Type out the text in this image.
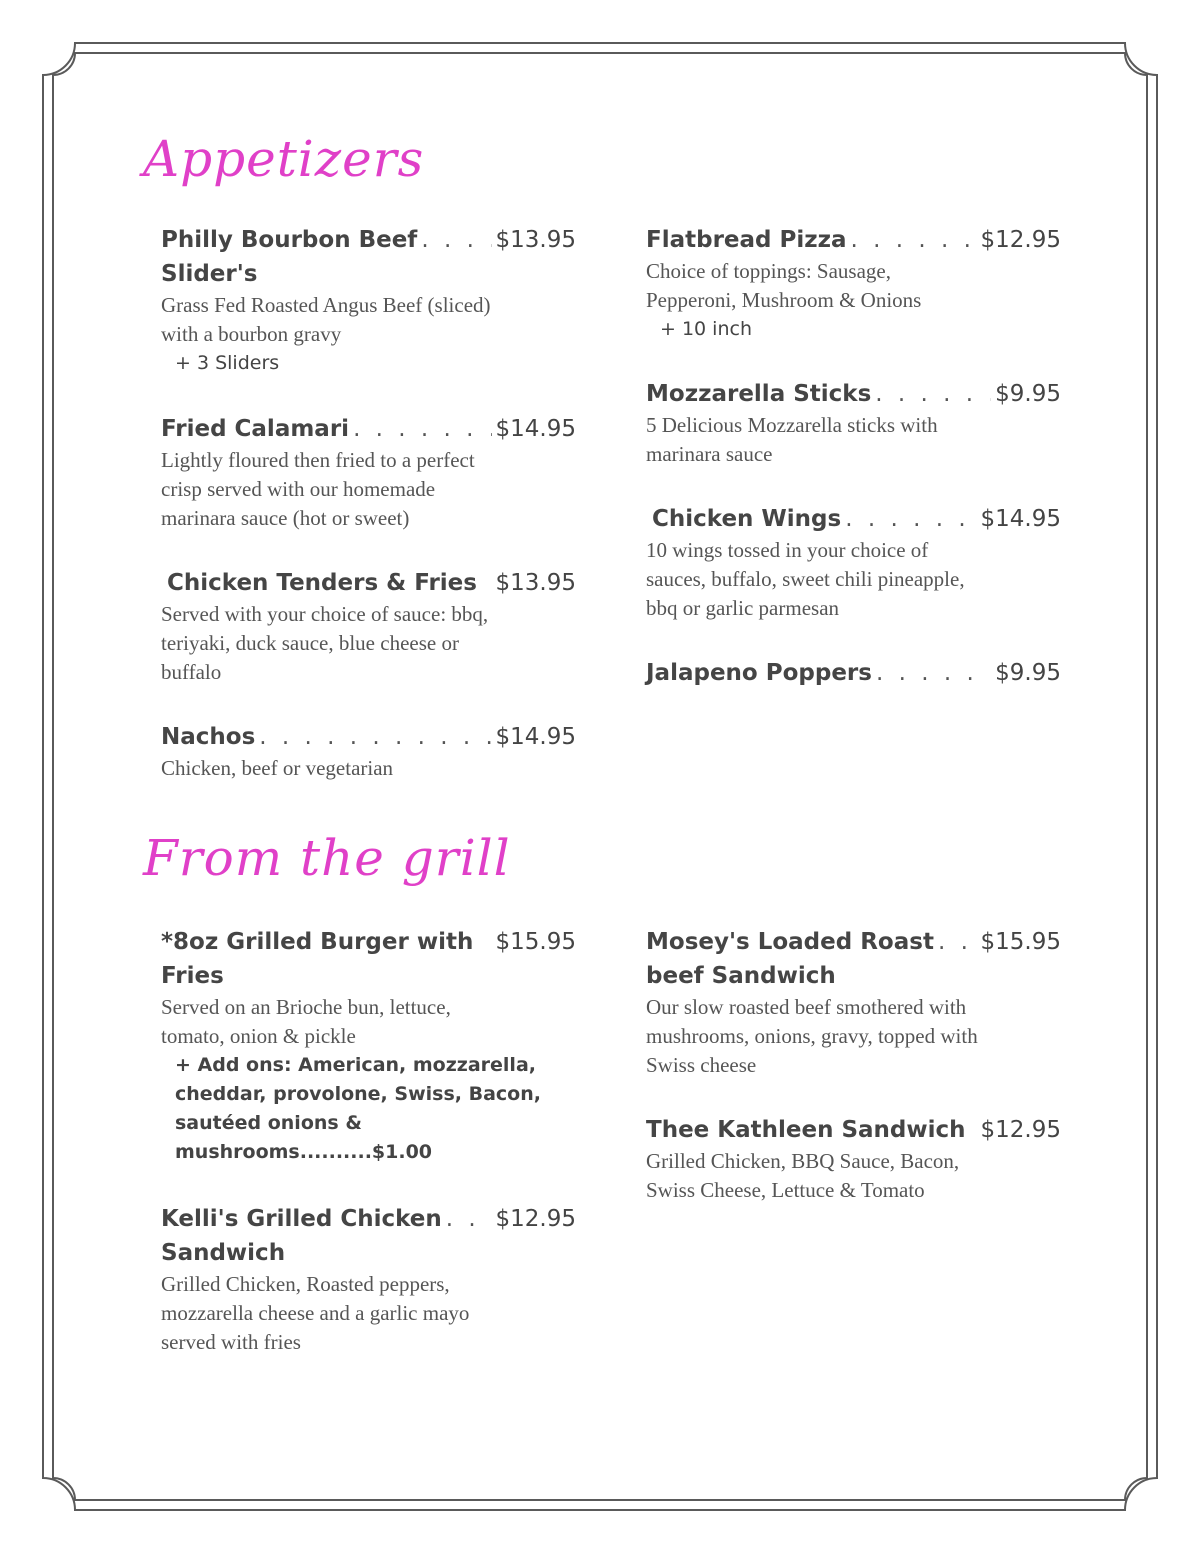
Appetizers
Philly Bourbon Beef . . .	$13.95
Slider's
Grass Fed Roasted Angus Beef (sliced)
with a bourbon gravy
+ 3 Sliders
Fried Calamari . . .	$14.95
Lightly floured then fried to a perfect
crisp served with our homemade
marinara sauce (hot or sweet)
Chicken Tenders & Fries $13.95
Served with your choice of sauce: bbq,
teriyaki, duck sauce, blue cheese or
buffalo
Nachos . . .	$14.95
Chicken, beef or vegetarian
Flatbread Pizza . . .	$12.95
Choice of toppings: Sausage,
Pepperoni, Mushroom & Onions
+ 10 inch
Mozzarella Sticks . . .	$9.95
5 Delicious Mozzarella sticks with
marinara sauce
Chicken Wings . . .	$14.95
10 wings tossed in your choice of
sauces, buffalo, sweet chili pineapple,
bbq or garlic parmesan
Jalapeno Poppers . . .	$9.95
From the grill
*8oz Grilled Burger with $15.95
Fries
Served on an Brioche bun, lettuce,
tomato, onion & pickle
+ Add ons: American, mozzarella,
cheddar, provolone, Swiss, Bacon,
sautéed onions &
mushrooms..........$1.00
Kelli's Grilled Chicken . . . $12.95
Sandwich
Grilled Chicken, Roasted peppers,
mozzarella cheese and a garlic mayo
served with fries
Mosey's Loaded Roast . . . $15.95
beef Sandwich
Our slow roasted beef smothered with
mushrooms, onions, gravy, topped with
Swiss cheese
Thee Kathleen Sandwich $12.95
Grilled Chicken, BBQ Sauce, Bacon,
Swiss Cheese, Lettuce & Tomato
